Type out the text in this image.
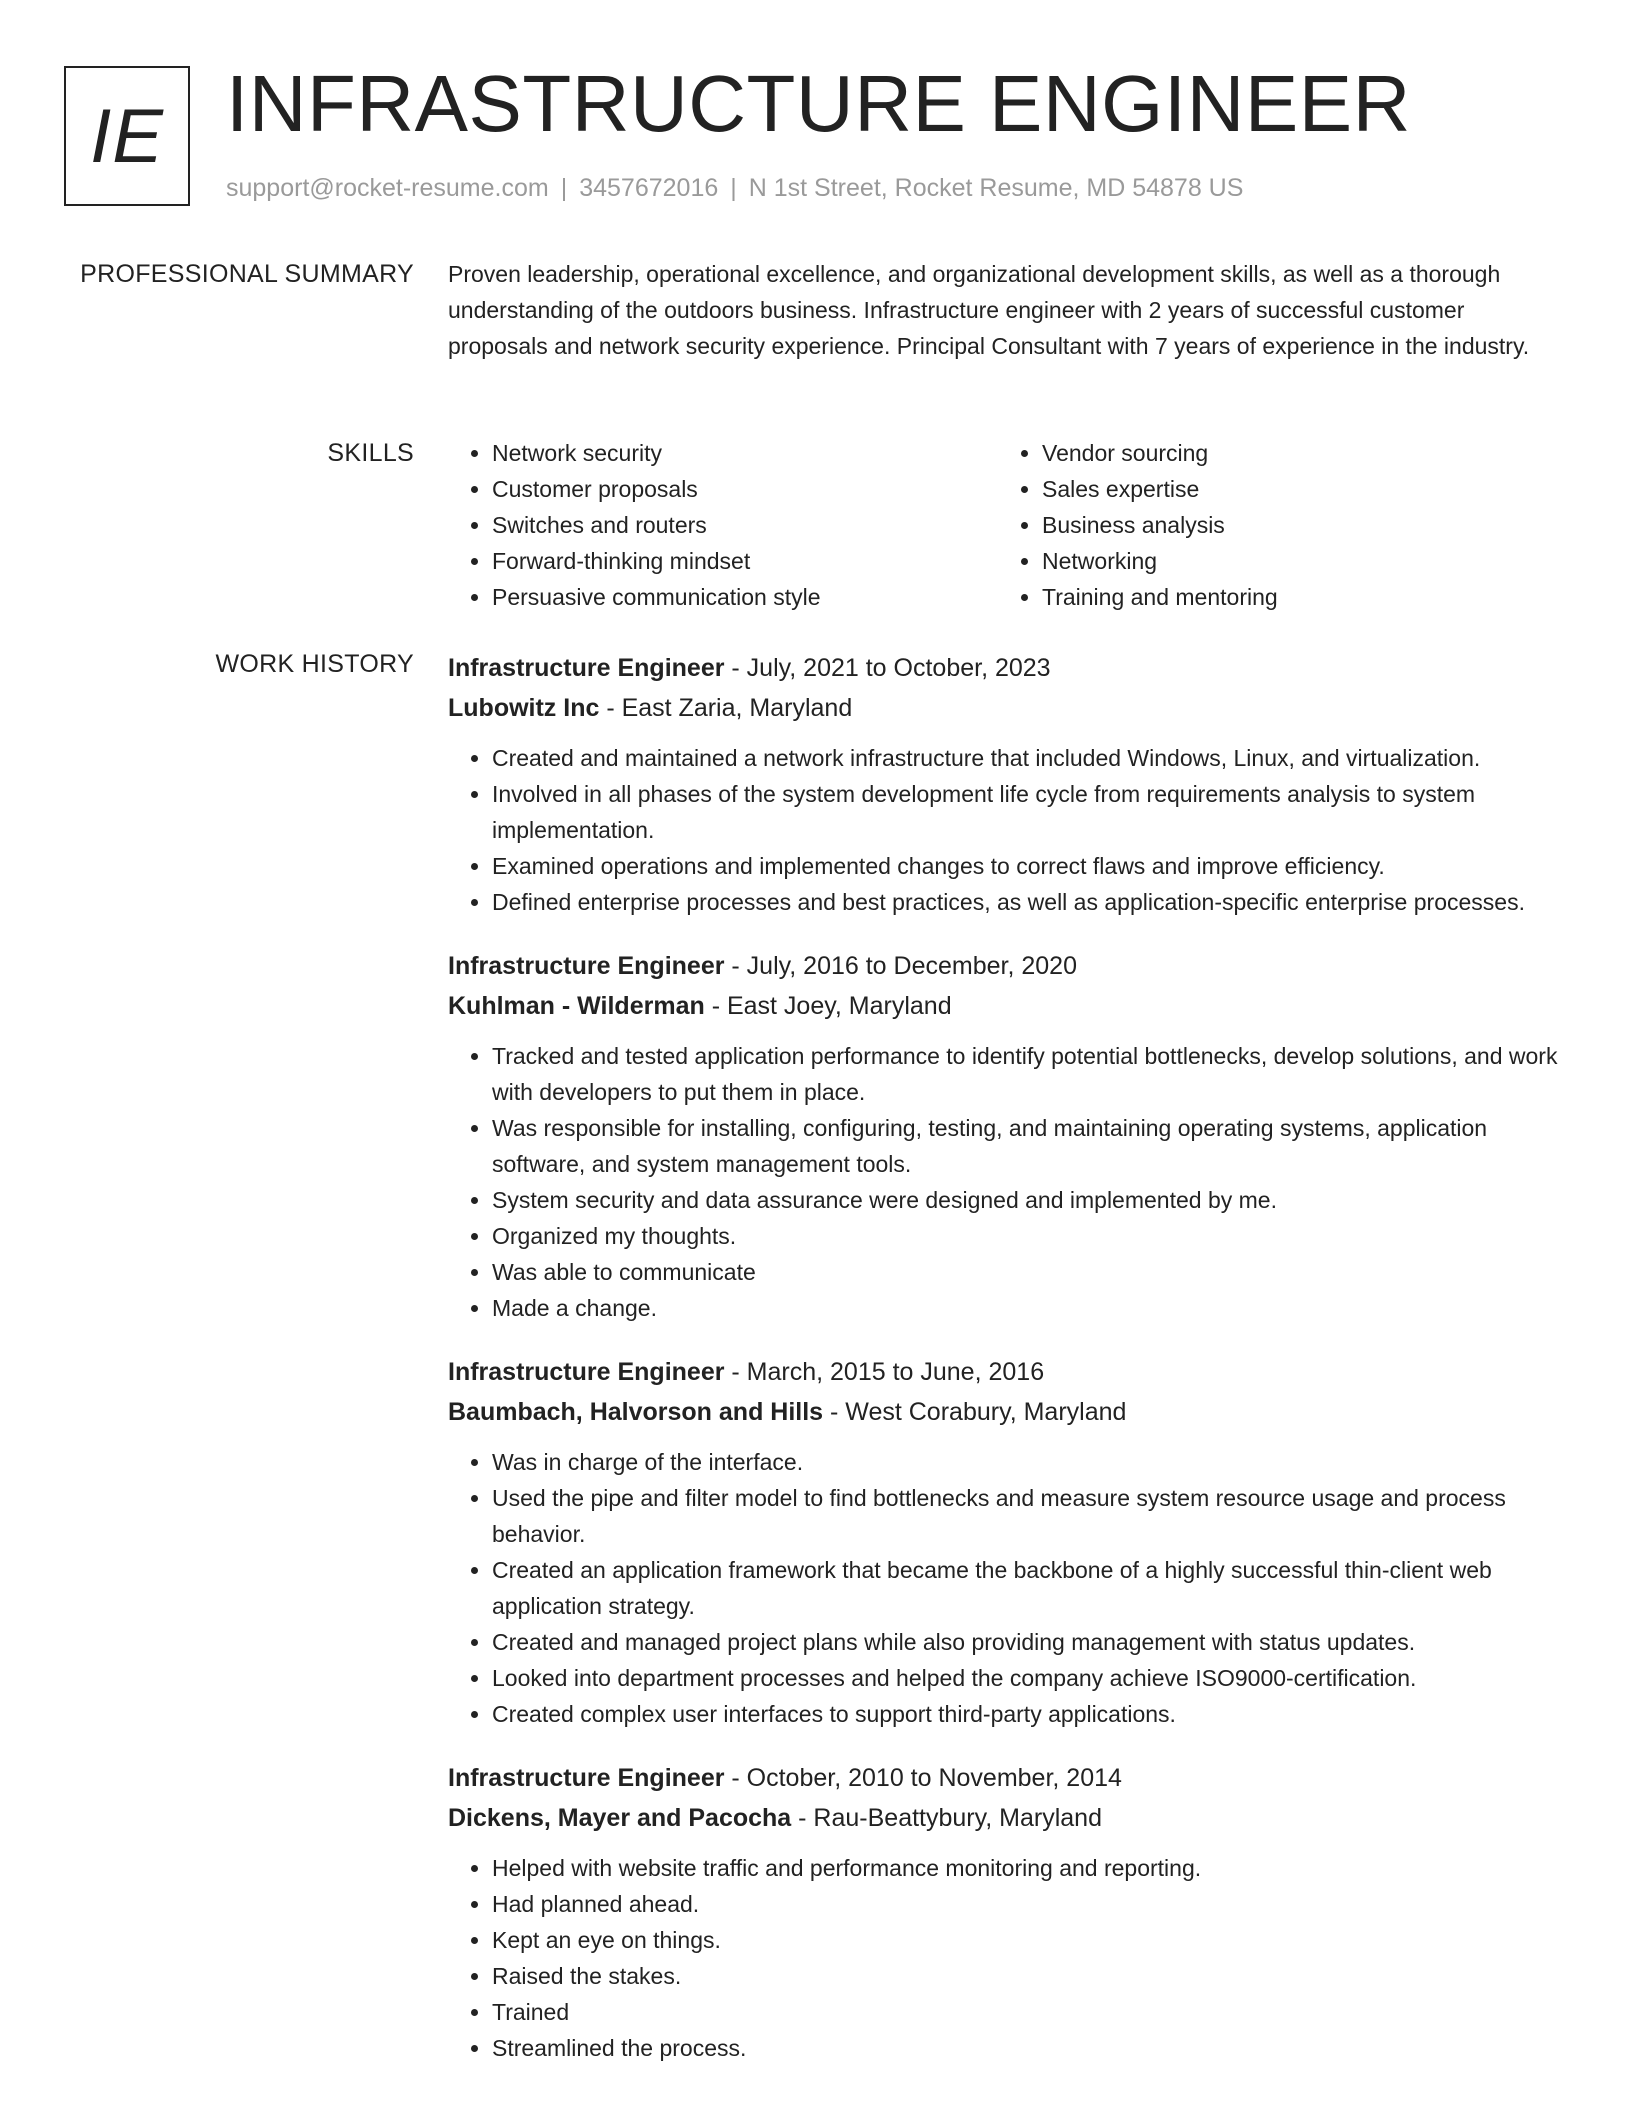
IE INFRASTRUCTURE ENGINEER
support@rocket-resume.com | 3457672016 | N 1st Street, Rocket Resume, MD 54878 US
PROFESSIONAL SUMMARY Proven leadership, operational excellence, and organizational development skills, as well as a thorough understanding of the outdoors business. Infrastructure engineer with 2 years of successful customer proposals and network security experience. Principal Consultant with 7 years of experience in the industry.

SKILLS
•	Network security
• Customer proposals
• Switches and routers
• Forward-thinking mindset
• Persuasive communication style
• Vendor sourcing
• Sales expertise
• Business analysis
• Networking
• Training and mentoring
WORK HISTORY Infrastructure Engineer - July, 2021 to October, 2023
Lubowitz Inc - East Zaria, Maryland
• Created and maintained a network infrastructure that included Windows, Linux, and virtualization.
• Involved in all phases of the system development life cycle from requirements analysis to system implementation.
• Examined operations and implemented changes to correct flaws and improve efficiency.
• Defined enterprise processes and best practices, as well as application-specific enterprise processes.
Infrastructure Engineer - July, 2016 to December, 2020
Kuhlman - Wilderman - East Joey, Maryland
• Tracked and tested application performance to identify potential bottlenecks, develop solutions, and work with developers to put them in place.
• Was responsible for installing, configuring, testing, and maintaining operating systems, application software, and system management tools.
• System security and data assurance were designed and implemented by me.
• Organized my thoughts.
• Was able to communicate
• Made a change.
Infrastructure Engineer - March, 2015 to June, 2016
Baumbach, Halvorson and Hills - West Corabury, Maryland
• Was in charge of the interface.
• Used the pipe and filter model to find bottlenecks and measure system resource usage and process behavior.
• Created an application framework that became the backbone of a highly successful thin-client web application strategy.
• Created and managed project plans while also providing management with status updates.
• Looked into department processes and helped the company achieve ISO9000-certification.
• Created complex user interfaces to support third-party applications.
Infrastructure Engineer - October, 2010 to November, 2014
Dickens, Mayer and Pacocha - Rau-Beattybury, Maryland
• Helped with website traffic and performance monitoring and reporting.
• Had planned ahead.
• Kept an eye on things.
• Raised the stakes.
• Trained
• Streamlined the process.
